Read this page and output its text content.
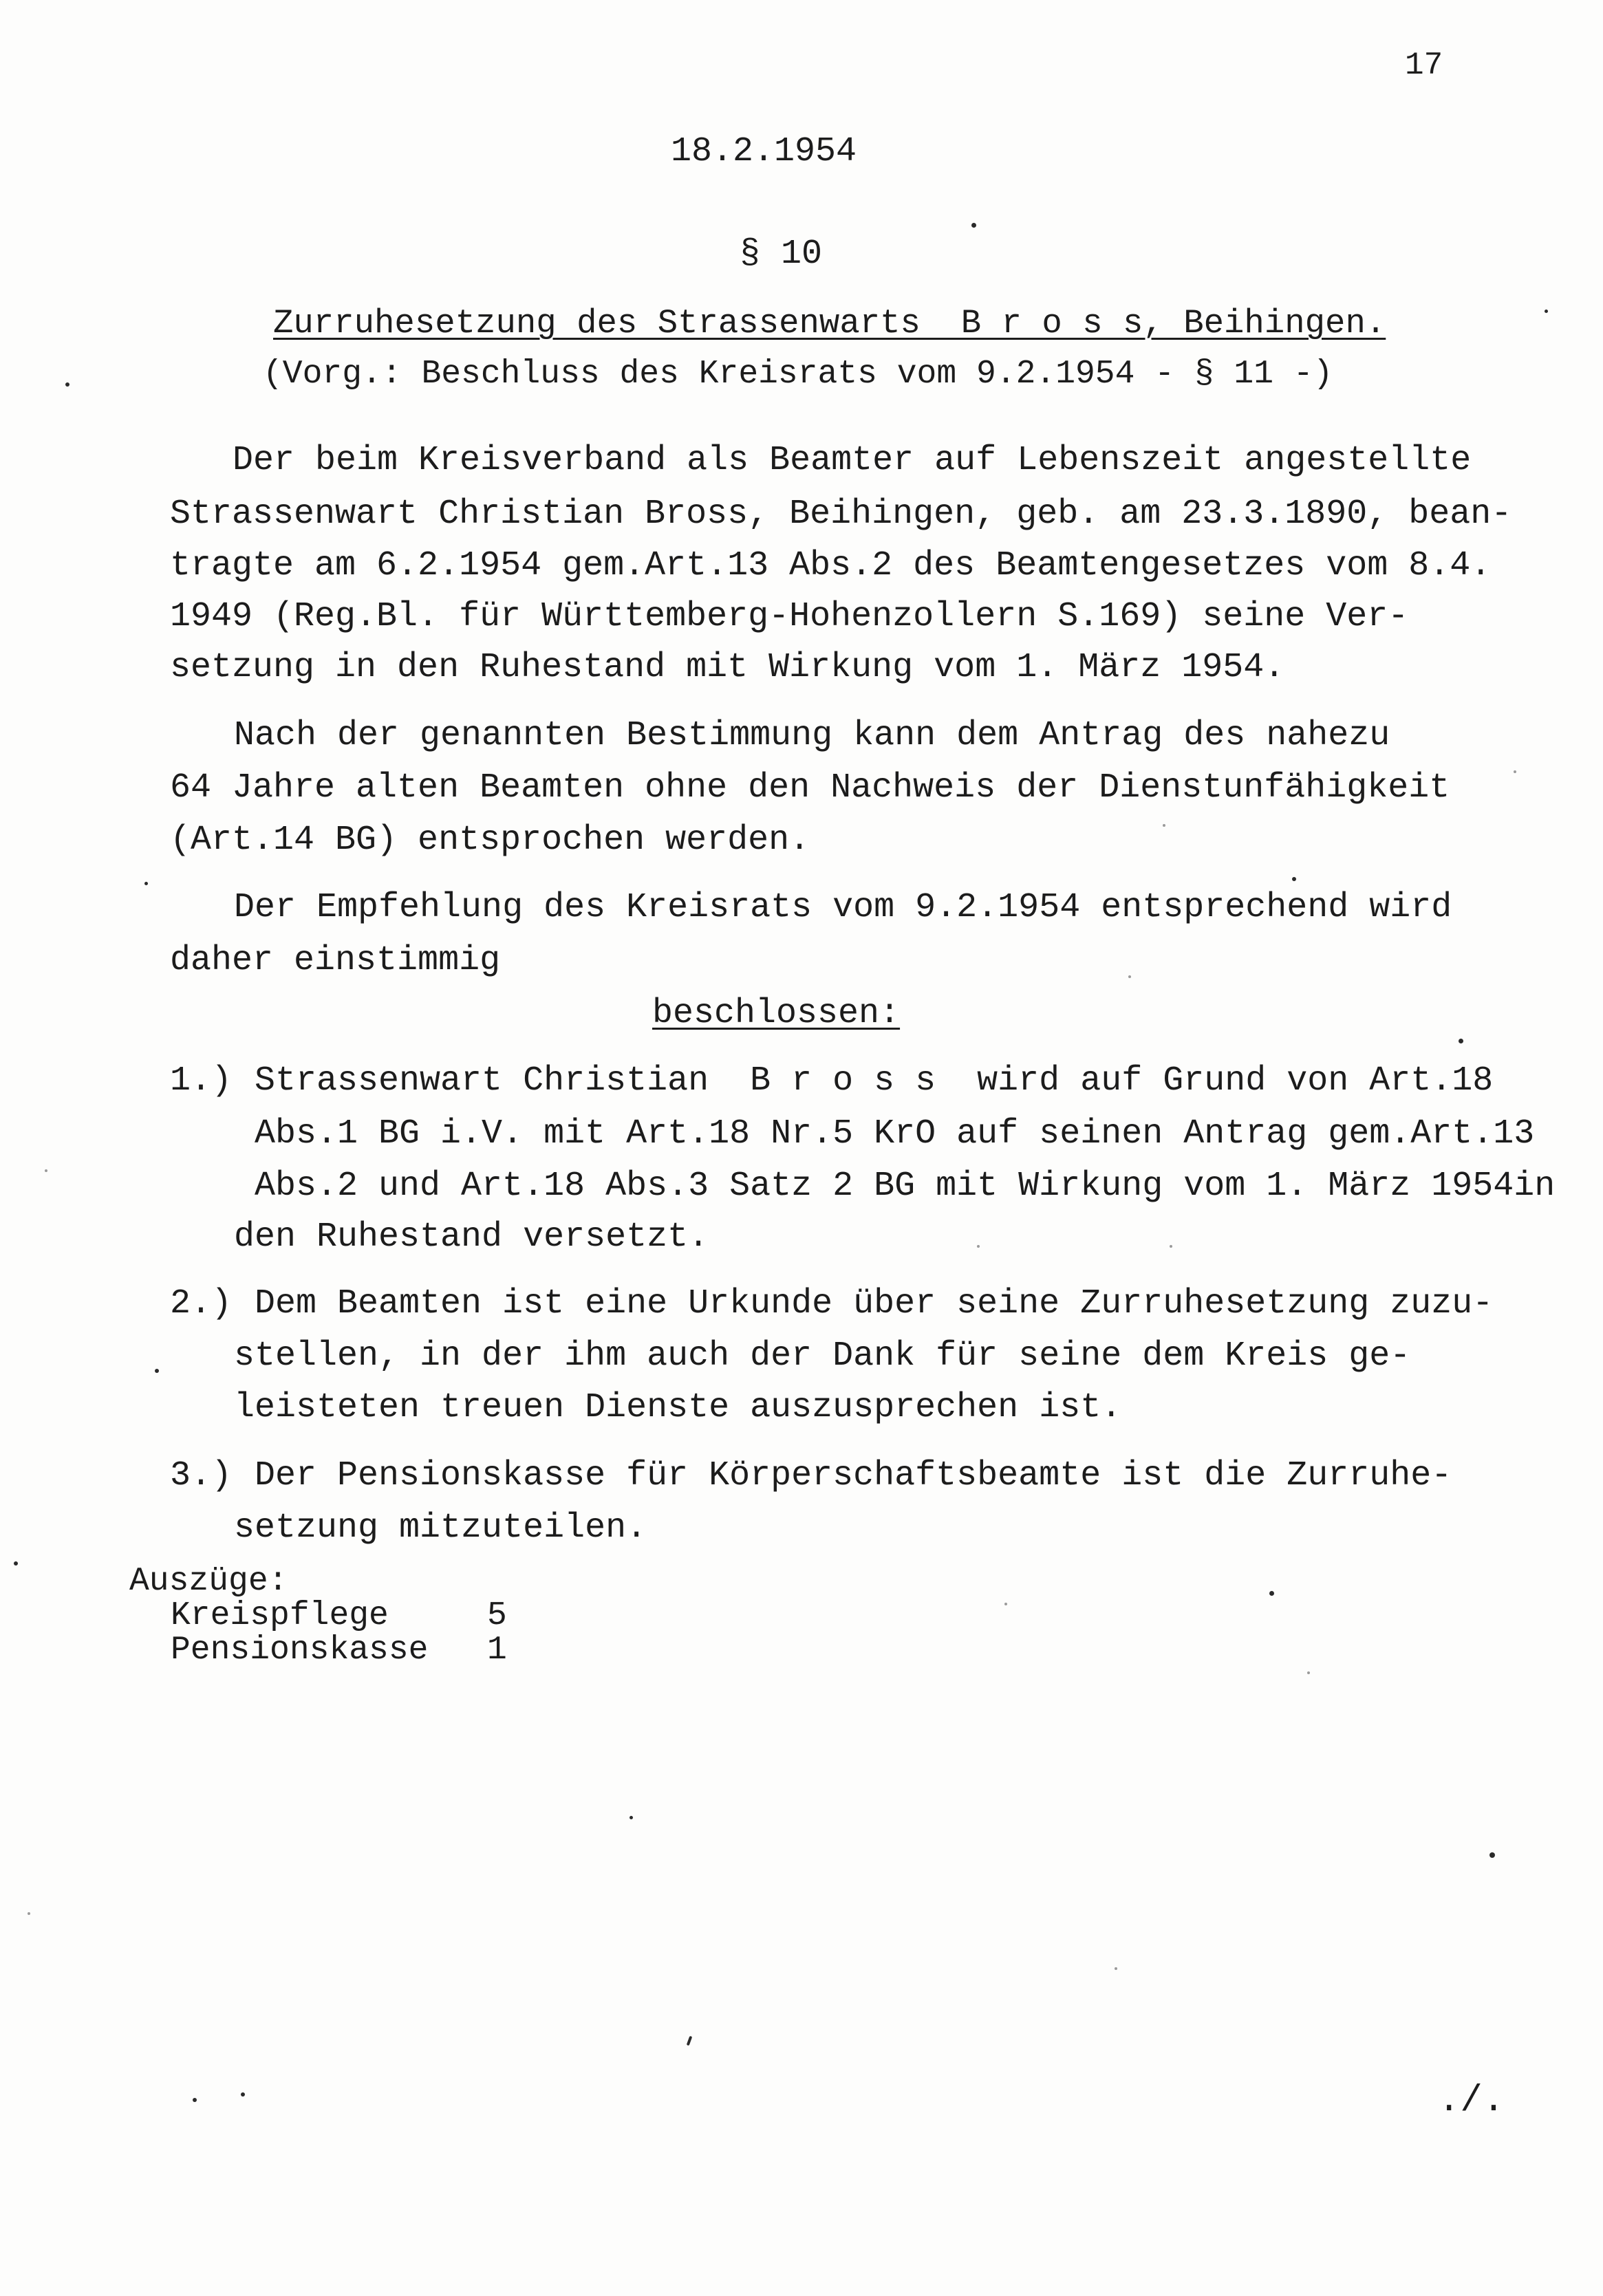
17
18.2.1954
§ 10
Zurruhesetzung des Strassenwarts  B r o s s, Beihingen.
(Vorg.: Beschluss des Kreisrats vom 9.2.1954 - § 11 -)
Der beim Kreisverband als Beamter auf Lebenszeit angestellte
Strassenwart Christian Bross, Beihingen, geb. am 23.3.1890, bean-
tragte am 6.2.1954 gem.Art.13 Abs.2 des Beamtengesetzes vom 8.4.
1949 (Reg.Bl. für Württemberg-Hohenzollern S.169) seine Ver-
setzung in den Ruhestand mit Wirkung vom 1. März 1954.
Nach der genannten Bestimmung kann dem Antrag des nahezu
64 Jahre alten Beamten ohne den Nachweis der Dienstunfähigkeit
(Art.14 BG) entsprochen werden.
Der Empfehlung des Kreisrats vom 9.2.1954 entsprechend wird
daher einstimmig
beschlossen:
1.) Strassenwart Christian  B r o s s  wird auf Grund von Art.18
Abs.1 BG i.V. mit Art.18 Nr.5 KrO auf seinen Antrag gem.Art.13
Abs.2 und Art.18 Abs.3 Satz 2 BG mit Wirkung vom 1. März 1954in
den Ruhestand versetzt.
2.) Dem Beamten ist eine Urkunde über seine Zurruhesetzung zuzu-
stellen, in der ihm auch der Dank für seine dem Kreis ge-
leisteten treuen Dienste auszusprechen ist.
3.) Der Pensionskasse für Körperschaftsbeamte ist die Zurruhe-
setzung mitzuteilen.
Auszüge:
Kreispflege	5
Pensionskasse 1
./.
